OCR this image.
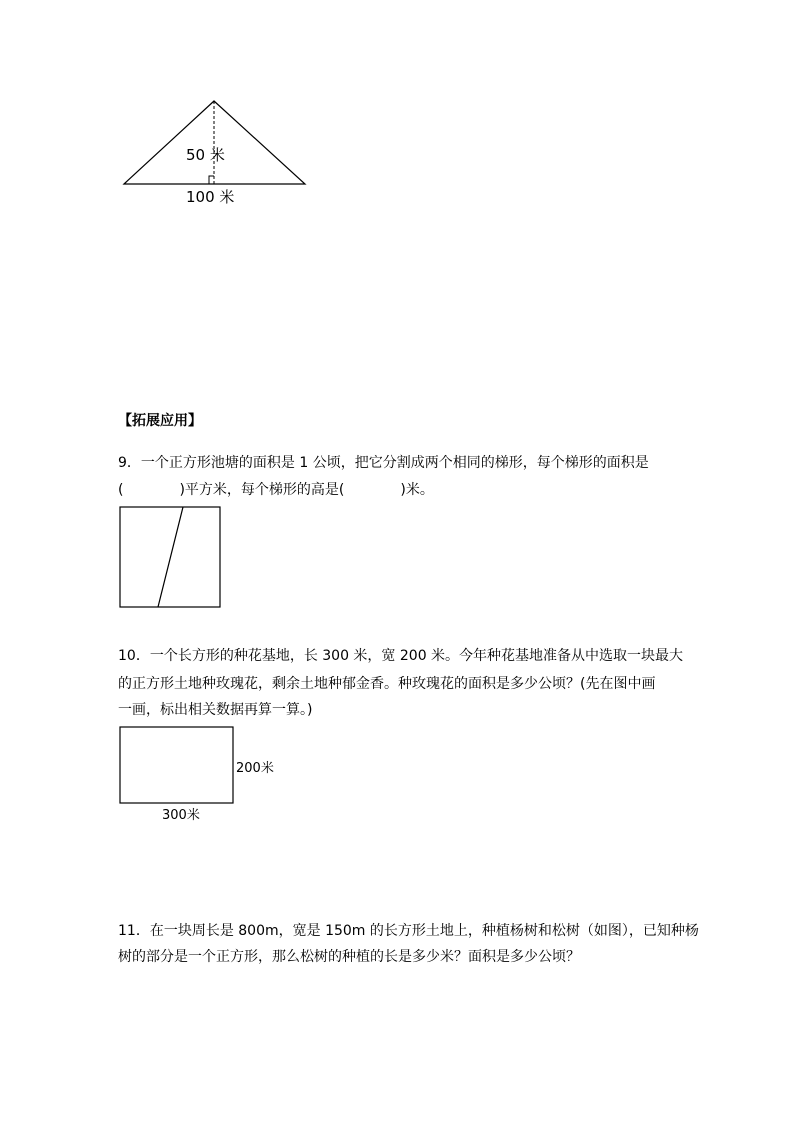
50 米
100 米
【拓展应用】
9．一个正方形池塘的面积是 1 公顷，把它分割成两个相同的梯形，每个梯形的面积是
(	)平方米，每个梯形的高是(	)米。
10．一个长方形的种花基地，长 300 米，宽 200 米。今年种花基地准备从中选取一块最大
的正方形土地种玫瑰花，剩余土地种郁金香。种玫瑰花的面积是多少公顷？(先在图中画
一画，标出相关数据再算一算。)
200米
300米
11．在一块周长是 800m，宽是 150m 的长方形土地上，种植杨树和松树（如图），已知种杨
树的部分是一个正方形，那么松树的种植的长是多少米？面积是多少公顷？
